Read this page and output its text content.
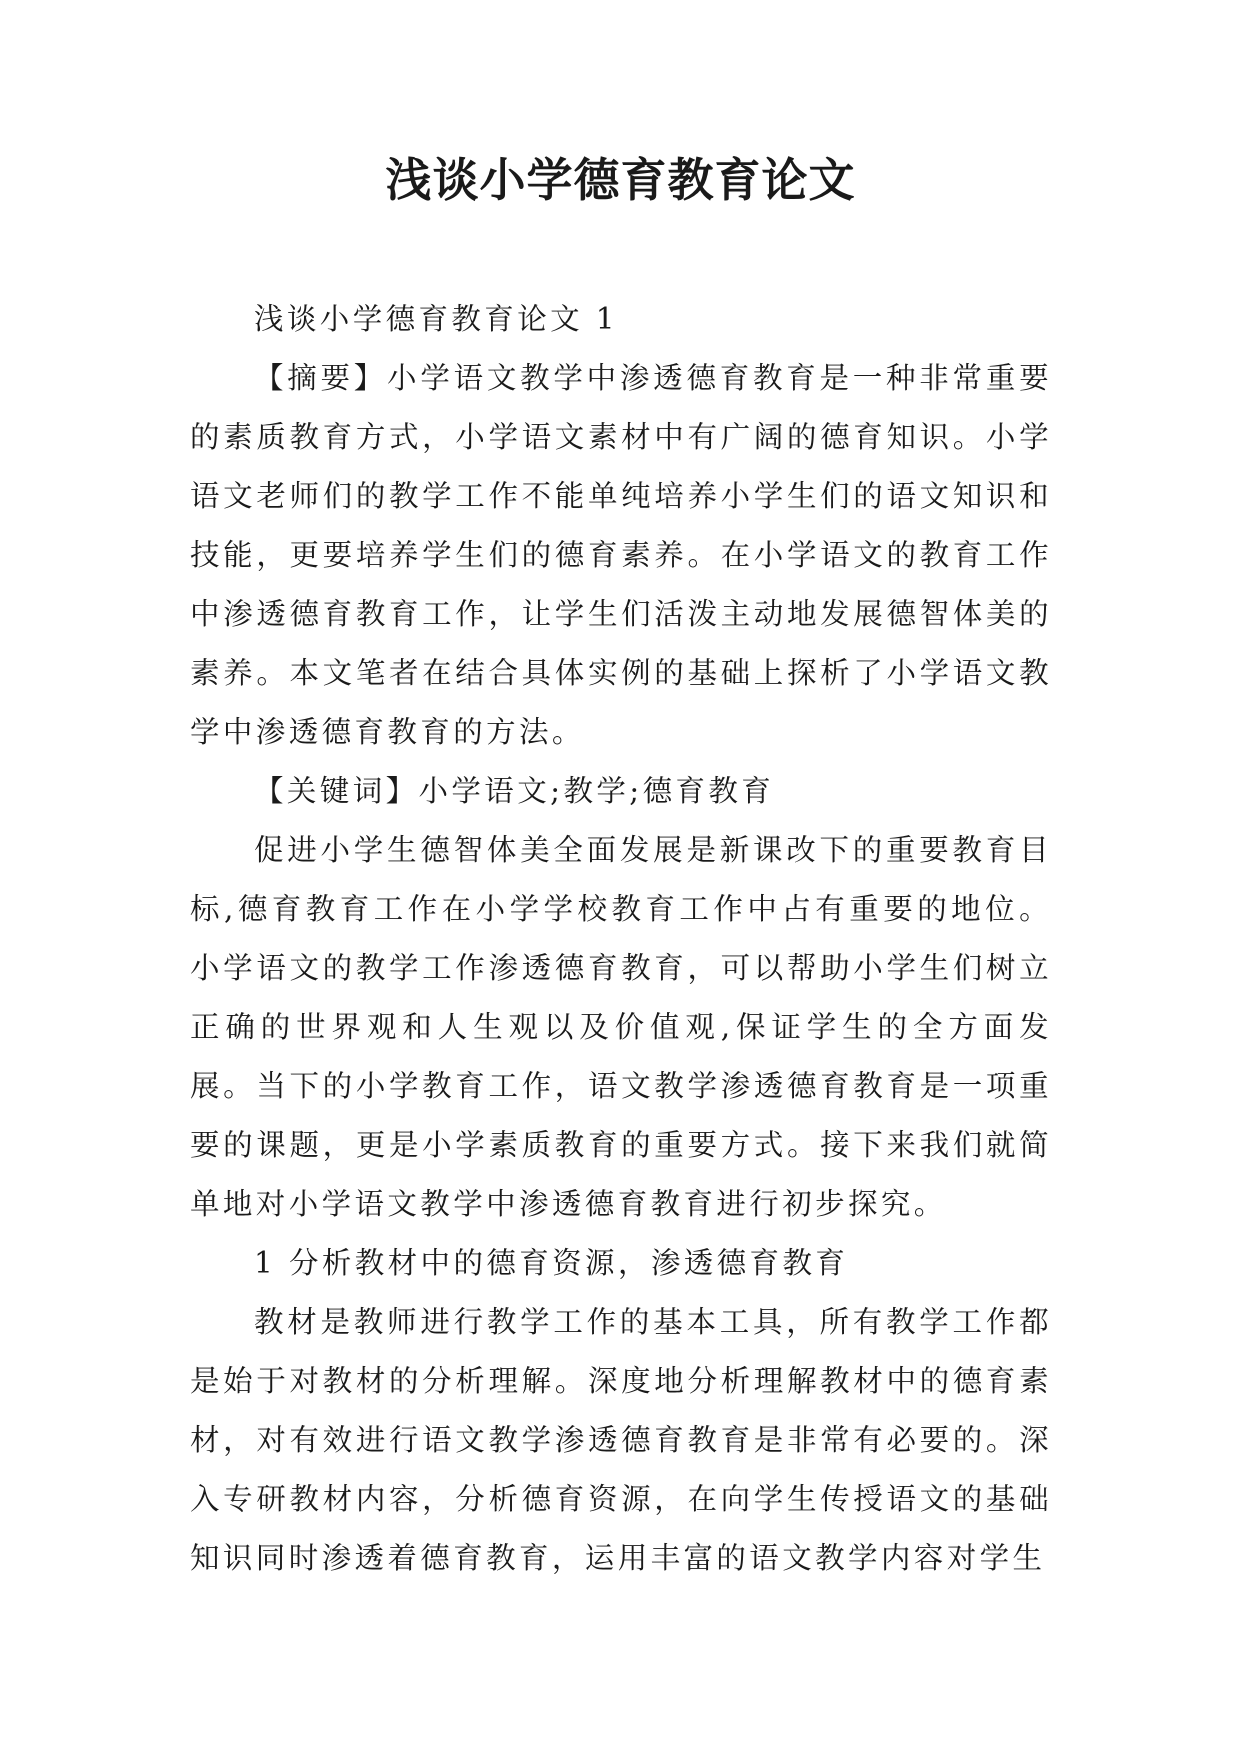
浅谈小学德育教育论文

浅谈小学德育教育论文 1

【摘要】小学语文教学中渗透德育教育是一种非常重要的素质教育方式，小学语文素材中有广阔的德育知识。小学语文老师们的教学工作不能单纯培养小学生们的语文知识和技能，更要培养学生们的德育素养。在小学语文的教育工作中渗透德育教育工作，让学生们活泼主动地发展德智体美的素养。本文笔者在结合具体实例的基础上探析了小学语文教学中渗透德育教育的方法。

【关键词】小学语文;教学;德育教育

促进小学生德智体美全面发展是新课改下的重要教育目标,德育教育工作在小学学校教育工作中占有重要的地位。小学语文的教学工作渗透德育教育，可以帮助小学生们树立正确的世界观和人生观以及价值观,保证学生的全方面发展。当下的小学教育工作，语文教学渗透德育教育是一项重要的课题，更是小学素质教育的重要方式。接下来我们就简单地对小学语文教学中渗透德育教育进行初步探究。

1 分析教材中的德育资源，渗透德育教育

教材是教师进行教学工作的基本工具，所有教学工作都是始于对教材的分析理解。深度地分析理解教材中的德育素材，对有效进行语文教学渗透德育教育是非常有必要的。深入专研教材内容，分析德育资源，在向学生传授语文的基础知识同时渗透着德育教育，运用丰富的语文教学内容对学生
